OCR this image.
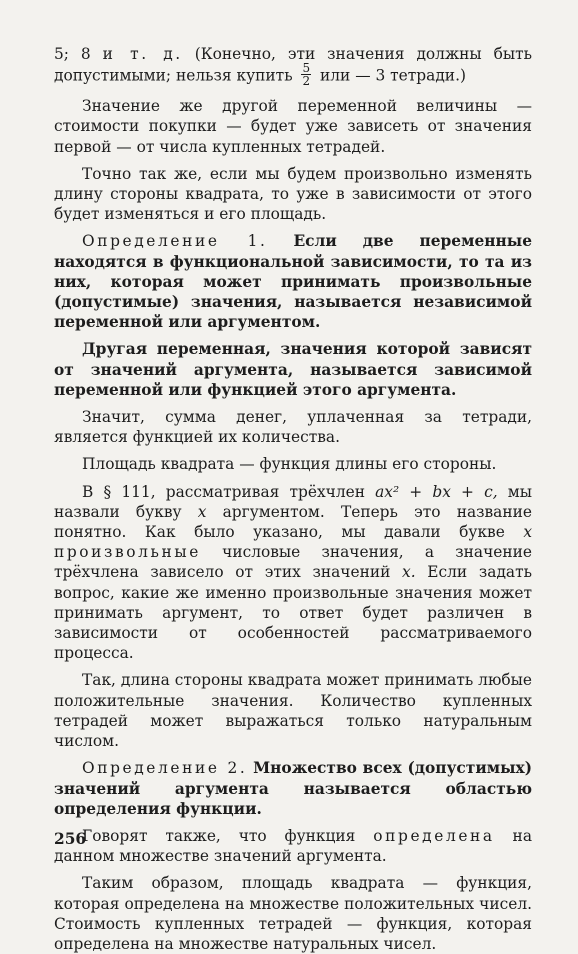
5; 8 и т. д. (Конечно, эти значения должны быть допустимыми; нельзя купить $\frac{5}{2}$ или — 3 тетради.)

Значение же другой переменной величины — стоимости покупки — будет уже зависеть от значения первой — от числа купленных тетрадей.

Точно так же, если мы будем произвольно изменять длину стороны квадрата, то уже в зависимости от этого будет изменяться и его площадь.

Определение 1. Если две переменные находятся в функциональной зависимости, то та из них, которая может принимать произвольные (допустимые) значения, называется независимой переменной или аргументом.

Другая переменная, значения которой зависят от значений аргумента, называется зависимой переменной или функцией этого аргумента.

Значит, сумма денег, уплаченная за тетради, является функцией их количества.

Площадь квадрата — функция длины его стороны.

В § 111, рассматривая трёхчлен ax² + bx + c, мы назвали букву x аргументом. Теперь это название понятно. Как было указано, мы давали букве x произвольные числовые значения, а значение трёхчлена зависело от этих значений x. Если задать вопрос, какие же именно произвольные значения может принимать аргумент, то ответ будет различен в зависимости от особенностей рассматриваемого процесса.

Так, длина стороны квадрата может принимать любые положительные значения. Количество купленных тетрадей может выражаться только натуральным числом.

Определение 2. Множество всех (допустимых) значений аргумента называется областью определения функции.

Говорят также, что функция определена на данном множестве значений аргумента.

Таким образом, площадь квадрата — функция, которая определена на множестве положительных чисел. Стоимость купленных тетрадей — функция, которая определена на множестве натуральных чисел.

256
